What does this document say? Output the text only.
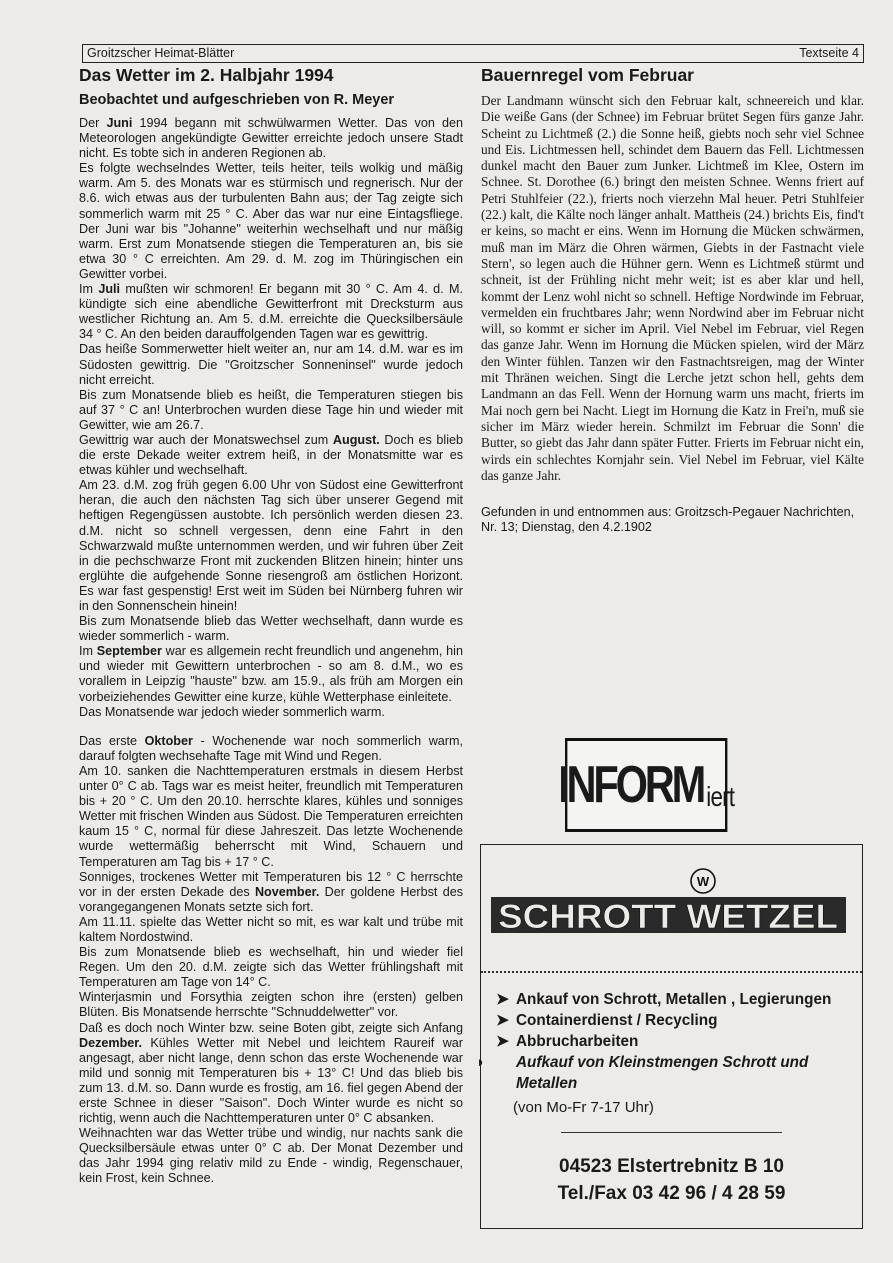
Groitzscher Heimat-Blätter	Textseite 4
Das Wetter im 2. Halbjahr 1994
Beobachtet und aufgeschrieben von R. Meyer

Der Juni 1994 begann mit schwülwarmen Wetter. Das von den Meteorologen angekündigte Gewitter erreichte jedoch unsere Stadt nicht. Es tobte sich in anderen Regionen ab.

Es folgte wechselndes Wetter, teils heiter, teils wolkig und mäßig warm. Am 5. des Monats war es stürmisch und regnerisch. Nur der 8.6. wich etwas aus der turbulenten Bahn aus; der Tag zeigte sich sommerlich warm mit 25 ° C. Aber das war nur eine Eintagsfliege. Der Juni war bis "Johanne" weiterhin wechselhaft und nur mäßig warm. Erst zum Monatsende stiegen die Temperaturen an, bis sie etwa 30 ° C erreichten. Am 29. d. M. zog im Thüringischen ein Gewitter vorbei.

Im Juli mußten wir schmoren! Er begann mit 30 ° C. Am 4. d. M. kündigte sich eine abendliche Gewitterfront mit Drecksturm aus westlicher Richtung an. Am 5. d.M. erreichte die Quecksilbersäule 34 ° C. An den beiden darauffolgenden Tagen war es gewittrig.

Das heiße Sommerwetter hielt weiter an, nur am 14. d.M. war es im Südosten gewittrig. Die "Groitzscher Sonneninsel" wurde jedoch nicht erreicht.

Bis zum Monatsende blieb es heißt, die Temperaturen stiegen bis auf 37 ° C an! Unterbrochen wurden diese Tage hin und wieder mit Gewitter, wie am 26.7.

Gewittrig war auch der Monatswechsel zum August. Doch es blieb die erste Dekade weiter extrem heiß, in der Monatsmitte war es etwas kühler und wechselhaft.

Am 23. d.M. zog früh gegen 6.00 Uhr von Südost eine Gewitterfront heran, die auch den nächsten Tag sich über unserer Gegend mit heftigen Regengüssen austobte. Ich persönlich werden diesen 23. d.M. nicht so schnell vergessen, denn eine Fahrt in den Schwarzwald mußte unternommen werden, und wir fuhren über Zeit in die pechschwarze Front mit zuckenden Blitzen hinein; hinter uns erglühte die aufgehende Sonne riesengroß am östlichen Horizont. Es war fast gespenstig! Erst weit im Süden bei Nürnberg fuhren wir in den Sonnenschein hinein!

Bis zum Monatsende blieb das Wetter wechselhaft, dann wurde es wieder sommerlich - warm.

Im September war es allgemein recht freundlich und angenehm, hin und wieder mit Gewittern unterbrochen - so am 8. d.M., wo es vorallem in Leipzig "hauste" bzw. am 15.9., als früh am Morgen ein vorbeiziehendes Gewitter eine kurze, kühle Wetterphase einleitete.

Das Monatsende war jedoch wieder sommerlich warm.

Das erste Oktober - Wochenende war noch sommerlich warm, darauf folgten wechsehafte Tage mit Wind und Regen.

Am 10. sanken die Nachttemperaturen erstmals in diesem Herbst unter 0° C ab. Tags war es meist heiter, freundlich mit Temperaturen bis + 20 ° C. Um den 20.10. herrschte klares, kühles und sonniges Wetter mit frischen Winden aus Südost. Die Temperaturen erreichten kaum 15 ° C, normal für diese Jahreszeit. Das letzte Wochenende wurde wettermäßig beherrscht mit Wind, Schauern und Temperaturen am Tag bis + 17 ° C.

Sonniges, trockenes Wetter mit Temperaturen bis 12 ° C herrschte vor in der ersten Dekade des November. Der goldene Herbst des vorangegangenen Monats setzte sich fort.

Am 11.11. spielte das Wetter nicht so mit, es war kalt und trübe mit kaltem Nordostwind.

Bis zum Monatsende blieb es wechselhaft, hin und wieder fiel Regen. Um den 20. d.M. zeigte sich das Wetter frühlingshaft mit Temperaturen am Tage von 14° C.

Winterjasmin und Forsythia zeigten schon ihre (ersten) gelben Blüten. Bis Monatsende herrschte "Schnuddelwetter" vor.

Daß es doch noch Winter bzw. seine Boten gibt, zeigte sich Anfang Dezember. Kühles Wetter mit Nebel und leichtem Raureif war angesagt, aber nicht lange, denn schon das erste Wochenende war mild und sonnig mit Temperaturen bis + 13° C! Und das blieb bis zum 13. d.M. so. Dann wurde es frostig, am 16. fiel gegen Abend der erste Schnee in dieser "Saison". Doch Winter wurde es nicht so richtig, wenn auch die Nachttemperaturen unter 0° C absanken.

Weihnachten war das Wetter trübe und windig, nur nachts sank die Quecksilbersäule etwas unter 0° C ab. Der Monat Dezember und das Jahr 1994 ging relativ mild zu Ende - windig, Regenschauer, kein Frost, kein Schnee.

Bauernregel vom Februar
Der Landmann wünscht sich den Februar kalt, schneereich und klar. Die weiße Gans (der Schnee) im Februar brütet Segen fürs ganze Jahr. Scheint zu Lichtmeß (2.) die Sonne heiß, giebts noch sehr viel Schnee und Eis. Lichtmessen hell, schindet dem Bauern das Fell. Lichtmessen dunkel macht den Bauer zum Junker. Lichtmeß im Klee, Ostern im Schnee. St. Dorothee (6.) bringt den meisten Schnee. Wenns friert auf Petri Stuhlfeier (22.), frierts noch vierzehn Mal heuer. Petri Stuhlfeier (22.) kalt, die Kälte noch länger anhalt. Mattheis (24.) brichts Eis, find't er keins, so macht er eins. Wenn im Hornung die Mücken schwärmen, muß man im März die Ohren wärmen, Giebts in der Fastnacht viele Stern', so legen auch die Hühner gern. Wenn es Lichtmeß stürmt und schneit, ist der Frühling nicht mehr weit; ist es aber klar und hell, kommt der Lenz wohl nicht so schnell. Heftige Nordwinde im Februar, vermelden ein fruchtbares Jahr; wenn Nordwind aber im Februar nicht will, so kommt er sicher im April. Viel Nebel im Februar, viel Regen das ganze Jahr. Wenn im Hornung die Mücken spielen, wird der März den Winter fühlen. Tanzen wir den Fastnachtsreigen, mag der Winter mit Thränen weichen. Singt die Lerche jetzt schon hell, gehts dem Landmann an das Fell. Wenn der Hornung warm uns macht, frierts im Mai noch gern bei Nacht. Liegt im Hornung die Katz in Frei'n, muß sie sicher im März wieder herein. Schmilzt im Februar die Sonn' die Butter, so giebt das Jahr dann später Futter. Frierts im Februar nicht ein, wirds ein schlechtes Kornjahr sein. Viel Nebel im Februar, viel Kälte das ganze Jahr.
Gefunden in und entnommen aus: Groitzsch-Pegauer Nachrichten, Nr. 13; Dienstag, den 4.2.1902
INFORM iert
W
SCHROTT WETZEL
➤ Ankauf von Schrott, Metallen , Legierungen
➤ Containerdienst / Recycling
➤ Abbrucharbeiten
◗ Aufkauf von Kleinstmengen Schrott und Metallen
(von Mo-Fr 7-17 Uhr)
04523 Elstertrebnitz B 10
Tel./Fax 03 42 96 / 4 28 59
